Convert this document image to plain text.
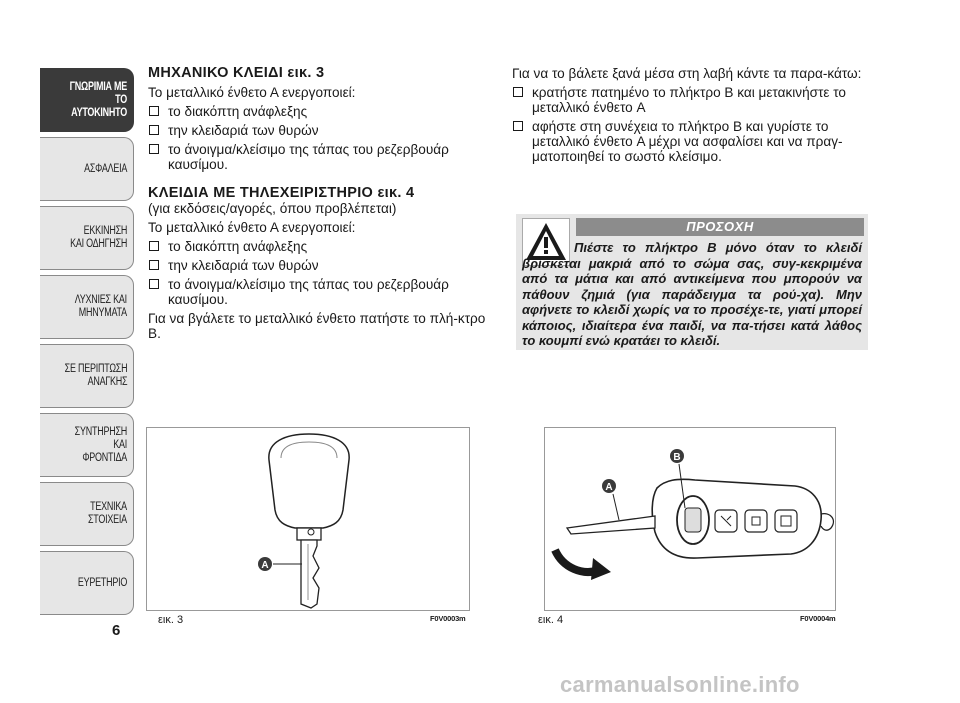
ΓΝΩΡΙΜΙΑ ΜΕ
ΤΟ ΑΥΤΟΚΙΝΗΤΟ
ΑΣΦΑΛΕΙΑ
ΕΚΚΙΝΗΣΗ
ΚΑΙ ΟΔΗΓΗΣΗ
ΛΥΧΝΙΕΣ ΚΑΙ
ΜΗΝΥΜΑΤΑ
ΣΕ ΠΕΡΙΠΤΩΣΗ
ΑΝΑΓΚΗΣ
ΣΥΝΤΗΡΗΣΗ ΚΑΙ
ΦΡΟΝΤΙΔΑ
ΤΕΧΝΙΚΑ
ΣΤΟΙΧΕΙΑ
ΕΥΡΕΤΗΡΙΟ
6
ΜΗΧΑΝΙΚΟ ΚΛΕΙΔΙ εικ. 3

Το μεταλλικό ένθετο Α ενεργοποιεί:

το διακόπτη ανάφλεξης
την κλειδαριά των θυρών
το άνοιγμα/κλείσιμο της τάπας του ρεζερβουάρ καυσίμου.
ΚΛΕΙΔΙΑ ΜΕ ΤΗΛΕΧΕΙΡΙΣΤΗΡΙΟ εικ. 4

(για εκδόσεις/αγορές, όπου προβλέπεται)

Το μεταλλικό ένθετο Α ενεργοποιεί:

το διακόπτη ανάφλεξης
την κλειδαριά των θυρών
το άνοιγμα/κλείσιμο της τάπας του ρεζερβουάρ καυσίμου.

Για να βγάλετε το μεταλλικό ένθετο πατήστε το πλή-κτρο B.

Για να το βάλετε ξανά μέσα στη λαβή κάντε τα παρα-κάτω:

κρατήστε πατημένο το πλήκτρο B και μετακινήστε το μεταλλικό ένθετο A
αφήστε στη συνέχεια το πλήκτρο B και γυρίστε το μεταλλικό ένθετο A μέχρι να ασφαλίσει και να πραγ-ματοποιηθεί το σωστό κλείσιμο.
ΠΡΟΣΟΧΗ
Πιέστε το πλήκτρο B μόνο όταν το κλειδί βρίσκεται μακριά από το σώμα σας, συγ-κεκριμένα από τα μάτια και από αντικείμενα που μπορούν να πάθουν ζημιά (για παράδειγμα τα ρού-χα). Μην αφήνετε το κλειδί χωρίς να το προσέχε-τε, γιατί μπορεί κάποιος, ιδιαίτερα ένα παιδί, να πα-τήσει κατά λάθος το κουμπί ενώ κρατάει το κλειδί.
A
εικ. 3	F0V0003m
A
B
εικ. 4	F0V0004m
carmanualsonline.info
